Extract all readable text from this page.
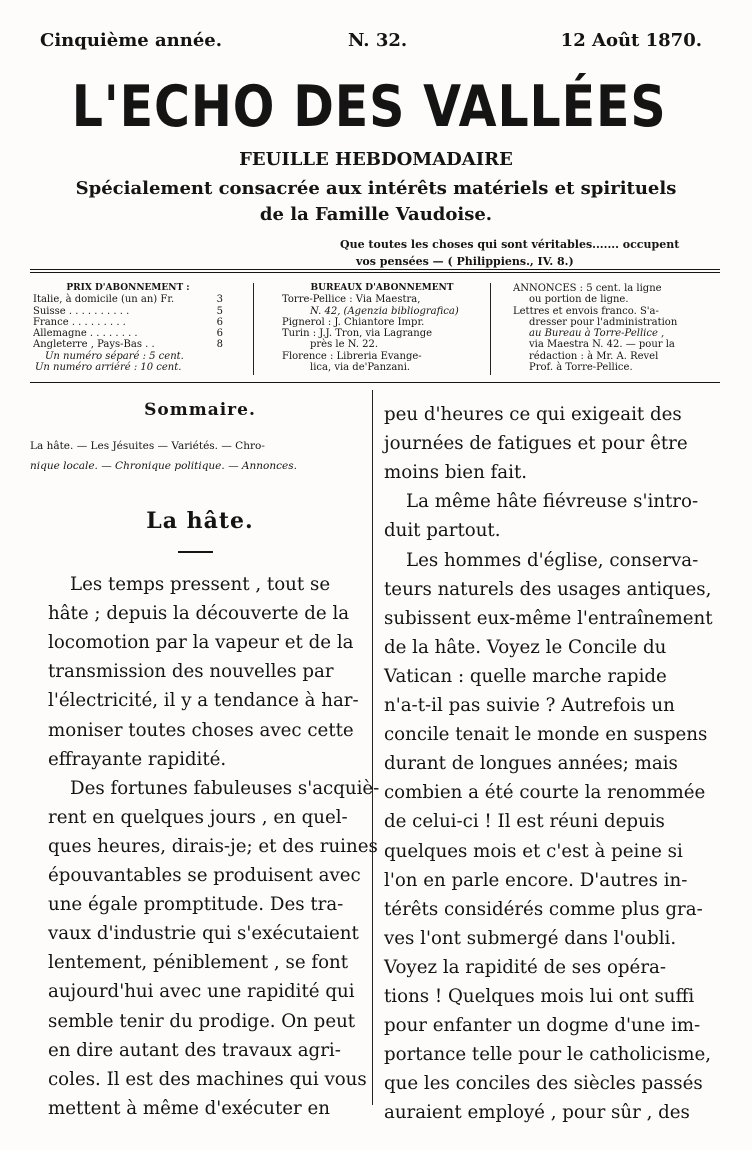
Cinquième année.	N. 32.	12 Août 1870.
L'ECHO DES VALLÉES
FEUILLE HEBDOMADAIRE
Spécialement consacrée aux intérêts matériels et spirituels
de la Famille Vaudoise.
Que toutes les choses qui sont véritables....... occupent
vos pensées — ( Philippiens., IV. 8.)
PRIX D'ABONNEMENT :
Italie, à domicile (un an) Fr.	3
Suisse . . . . . . . . . .	5
France . . . . . . . . .	6
Allemagne . . . . . . . .	6
Angleterre , Pays-Bas . .	8
Un numéro séparé : 5 cent.
Un numéro arriéré : 10 cent.
BUREAUX D'ABONNEMENT
Torre-Pellice : Via Maestra,
N. 42, (Agenzia bibliografica)
Pignerol : J. Chiantore Impr.
Turin : J.J. Tron, via Lagrange
près le N. 22.
Florence : Libreria Evange-
lica, via de'Panzani.
ANNONCES : 5 cent. la ligne
ou portion de ligne.
Lettres et envois franco. S'a-
dresser pour l'administration
au Bureau à Torre-Pellice ,
via Maestra N. 42. — pour la
rédaction : à Mr. A. Revel
Prof. à Torre-Pellice.
Sommaire.
La hâte. — Les Jésuites — Variétés. — Chro-
nique locale. — Chronique politique. — Annonces.
La hâte.
Les temps pressent , tout se
hâte ; depuis la découverte de la
locomotion par la vapeur et de la
transmission des nouvelles par
l'électricité, il y a tendance à har-
moniser toutes choses avec cette
effrayante rapidité.
Des fortunes fabuleuses s'acquiè-
rent en quelques jours , en quel-
ques heures, dirais-je; et des ruines
épouvantables se produisent avec
une égale promptitude. Des tra-
vaux d'industrie qui s'exécutaient
lentement, péniblement , se font
aujourd'hui avec une rapidité qui
semble tenir du prodige. On peut
en dire autant des travaux agri-
coles. Il est des machines qui vous
mettent à même d'exécuter en
peu d'heures ce qui exigeait des
journées de fatigues et pour être
moins bien fait.
La même hâte fiévreuse s'intro-
duit partout.
Les hommes d'église, conserva-
teurs naturels des usages antiques,
subissent eux-même l'entraînement
de la hâte. Voyez le Concile du
Vatican : quelle marche rapide
n'a-t-il pas suivie ? Autrefois un
concile tenait le monde en suspens
durant de longues années; mais
combien a été courte la renommée
de celui-ci ! Il est réuni depuis
quelques mois et c'est à peine si
l'on en parle encore. D'autres in-
térêts considérés comme plus gra-
ves l'ont submergé dans l'oubli.
Voyez la rapidité de ses opéra-
tions ! Quelques mois lui ont suffi
pour enfanter un dogme d'une im-
portance telle pour le catholicisme,
que les conciles des siècles passés
auraient employé , pour sûr , des
